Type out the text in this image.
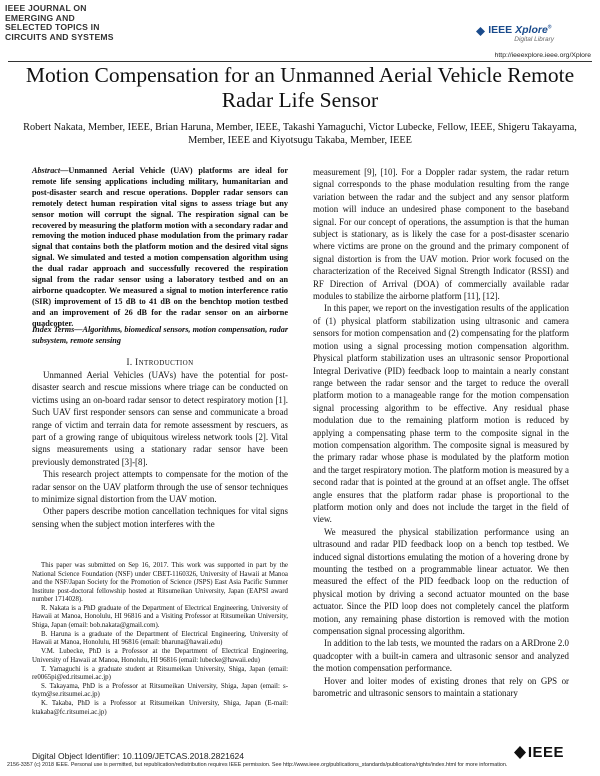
IEEE JOURNAL ON
EMERGING AND
SELECTED TOPICS IN
CIRCUITS AND SYSTEMS
IEEE Xplore®
Digital Library
http://ieeexplore.ieee.org/Xplore
Motion Compensation for an Unmanned Aerial Vehicle Remote Radar Life Sensor
Robert Nakata, Member, IEEE, Brian Haruna, Member, IEEE, Takashi Yamaguchi, Victor Lubecke, Fellow, IEEE, Shigeru Takayama, Member, IEEE and Kiyotsugu Takaba, Member, IEEE
Abstract—Unmanned Aerial Vehicle (UAV) platforms are ideal for remote life sensing applications including military, humanitarian and post-disaster search and rescue operations. Doppler radar sensors can remotely detect human respiration vital signs to assess triage but any sensor motion will corrupt the signal. The respiration signal can be recovered by measuring the platform motion with a secondary radar and removing the motion induced phase modulation from the primary radar signal that contains both the platform motion and the desired vital signs signal. We simulated and tested a motion compensation algorithm using the dual radar approach and successfully recovered the respiration signal from the radar sensor using a laboratory testbed and on an airborne quadcopter. We measured a signal to motion interference ratio (SIR) improvement of 15 dB to 41 dB on the benchtop motion testbed and an improvement of 26 dB for the radar sensor on an airborne quadcopter.
Index Terms—Algorithms, biomedical sensors, motion compensation, radar subsystem, remote sensing
I. INTRODUCTION

Unmanned Aerial Vehicles (UAVs) have the potential for post-disaster search and rescue missions where triage can be conducted on victims using an on-board radar sensor to detect respiratory motion [1]. Such UAV first responder sensors can sense and communicate a broad range of victim and terrain data for remote assessment by rescuers, as part of a growing range of ubiquitous wireless network tools [2]. Vital signs measurements using a stationary radar sensor have been previously demonstrated [3]-[8].

This research project attempts to compensate for the motion of the radar sensor on the UAV platform through the use of sensor techniques to minimize signal distortion from the UAV motion.

Other papers describe motion cancellation techniques for vital signs sensing when the subject motion interferes with the

This paper was submitted on Sep 16, 2017. This work was supported in part by the National Science Foundation (NSF) under CBET-1160326, University of Hawaii at Manoa and the NSF/Japan Society for the Promotion of Science (JSPS) East Asia Pacific Summer Institute post-doctoral fellowship hosted at Ritsumeikan University, Japan (EAPSI award number 1714028).

R. Nakata is a PhD graduate of the Department of Electrical Engineering, University of Hawaii at Manoa, Honolulu, HI 96816 and a Visiting Professor at Ritsumeikan University, Shiga, Japan (email: bob.nakata@gmail.com).

B. Haruna is a graduate of the Department of Electrical Engineering, University of Hawaii at Manoa, Honolulu, HI 96816 (email: bharuna@hawaii.edu)

V.M. Lubecke, PhD is a Professor at the Department of Electrical Engineering, University of Hawaii at Manoa, Honolulu, HI 96816 (email: lubecke@hawaii.edu)

T. Yamaguchi is a graduate student at Ritsumeikan University, Shiga, Japan (email: re0065pi@ed.ritsumei.ac.jp)

S. Takayama, PhD is a Professor at Ritsumeikan University, Shiga, Japan (email: s-tkym@se.ritsumei.ac.jp)

K. Takaba, PhD is a Professor at Ritsumeikan University, Shiga, Japan (E-mail: ktakaba@fc.ritsumei.ac.jp)

measurement [9], [10]. For a Doppler radar system, the radar return signal corresponds to the phase modulation resulting from the range variation between the radar and the subject and any sensor platform motion will induce an undesired phase component to the baseband signal. For our concept of operations, the assumption is that the human subject is stationary, as is likely the case for a post-disaster scenario where victims are prone on the ground and the primary component of signal distortion is from the UAV motion. Prior work focused on the characterization of the Received Signal Strength Indicator (RSSI) and RF Direction of Arrival (DOA) of commercially available radar modules to stabilize the airborne platform [11], [12].

In this paper, we report on the investigation results of the application of (1) physical platform stabilization using ultrasonic and camera sensors for motion compensation and (2) compensating for the platform motion using a signal processing motion compensation algorithm. Physical platform stabilization uses an ultrasonic sensor Proportional Integral Derivative (PID) feedback loop to maintain a nearly constant range between the radar sensor and the target to reduce the overall platform motion to a manageable range for the motion compensation signal processing algorithm to be effective. Any residual phase modulation due to the remaining platform motion is reduced by applying a compensating phase term to the composite signal in the motion compensation algorithm. The composite signal is measured by the primary radar whose phase is modulated by the platform motion and the target respiratory motion. The platform motion is measured by a second radar that is pointed at the ground at an offset angle. The offset angle ensures that the platform radar phase is proportional to the platform motion only and does not include the target in the field of view.

We measured the physical stabilization performance using an ultrasound and radar PID feedback loop on a bench top testbed. We induced signal distortions emulating the motion of a hovering drone by mounting the testbed on a programmable linear actuator. We then measured the effect of the PID feedback loop on the reduction of physical motion by driving a second actuator mounted on the base actuator. Since the PID loop does not completely cancel the platform motion, any remaining phase distortion is removed with the motion compensation signal processing algorithm.

In addition to the lab tests, we mounted the radars on a ARDrone 2.0 quadcopter with a built-in camera and ultrasonic sensor and analyzed the motion compensation performance.

Hover and loiter modes of existing drones that rely on GPS or barometric and ultrasonic sensors to maintain a stationary

Digital Object Identifier: 10.1109/JETCAS.2018.2821624	IEEE
2156-3357 (c) 2018 IEEE. Personal use is permitted, but republication/redistribution requires IEEE permission. See http://www.ieee.org/publications_standards/publications/rights/index.html for more information.
